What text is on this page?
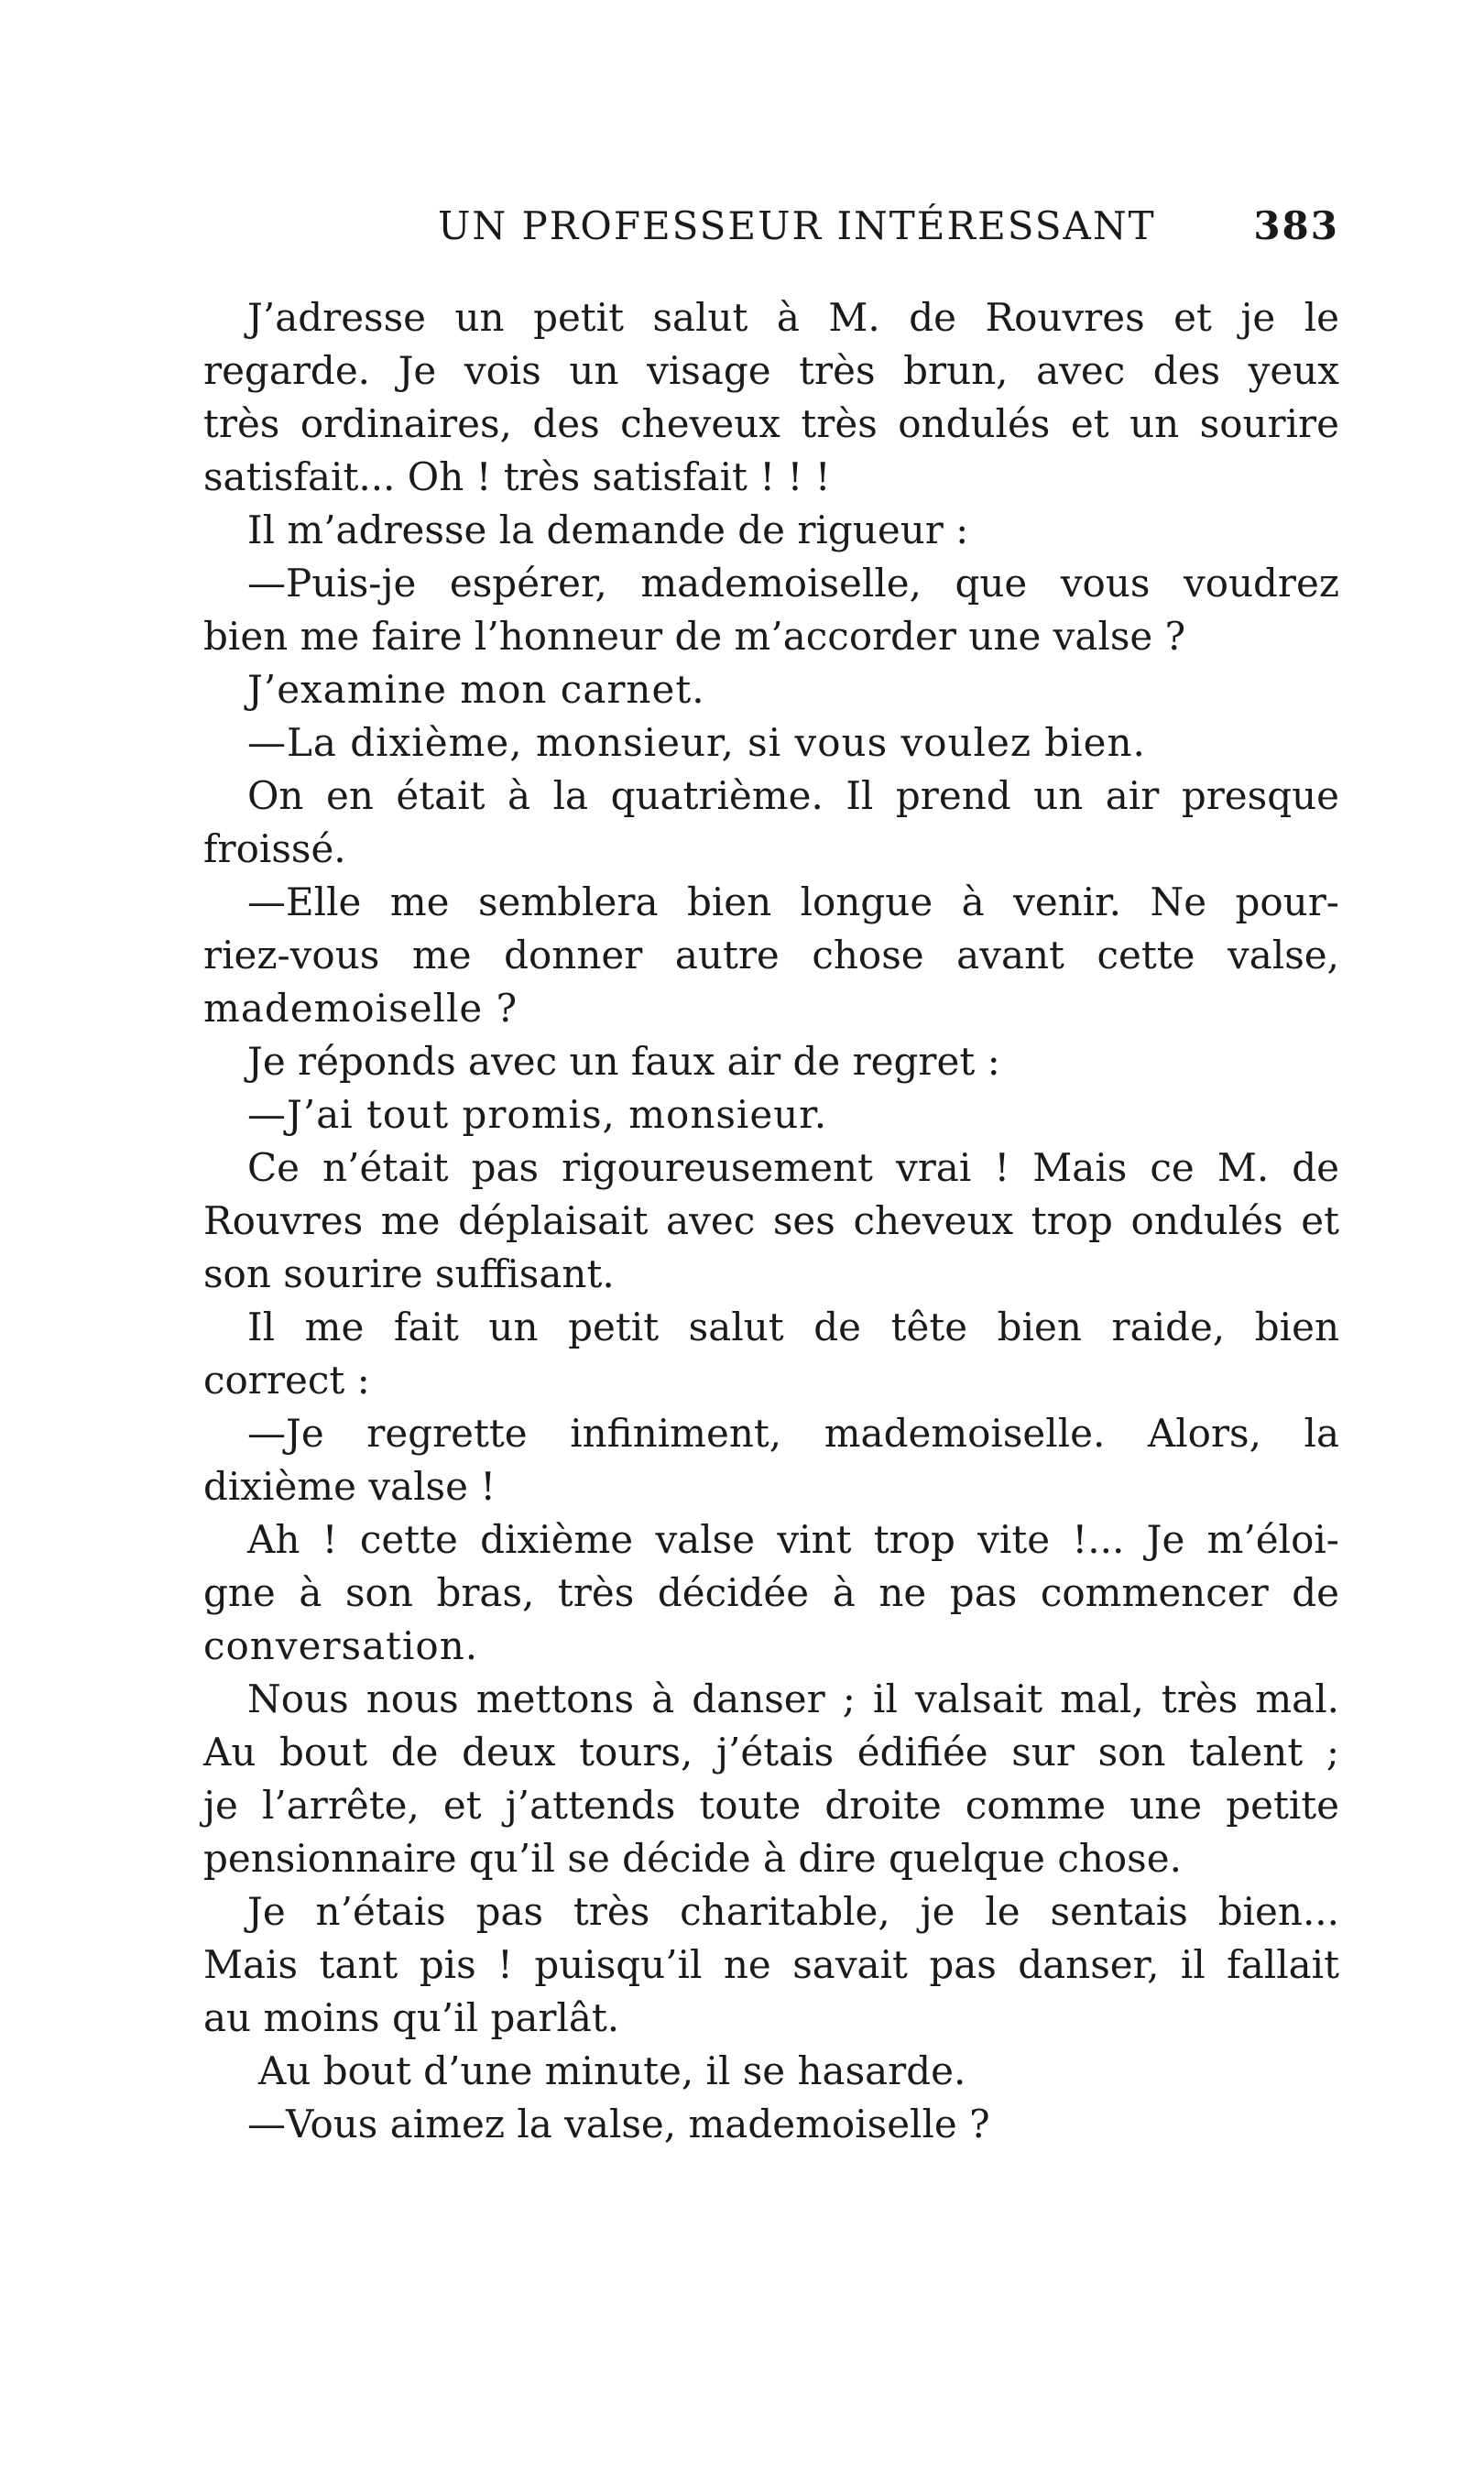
UN PROFESSEUR INTÉRESSANT	383
J’adresse un petit salut à M. de Rouvres et je le
regarde. Je vois un visage très brun, avec des yeux
très ordinaires, des cheveux très ondulés et un sourire
satisfait... Oh ! très satisfait ! ! !
Il m’adresse la demande de rigueur :
—Puis-je espérer, mademoiselle, que vous voudrez
bien me faire l’honneur de m’accorder une valse ?
J’examine mon carnet.
—La dixième, monsieur, si vous voulez bien.
On en était à la quatrième. Il prend un air presque
froissé.
—Elle me semblera bien longue à venir. Ne pour-
riez-vous me donner autre chose avant cette valse,
mademoiselle ?
Je réponds avec un faux air de regret :
—J’ai tout promis, monsieur.
Ce n’était pas rigoureusement vrai ! Mais ce M. de
Rouvres me déplaisait avec ses cheveux trop ondulés et
son sourire suffisant.
Il me fait un petit salut de tête bien raide, bien
correct :
—Je regrette infiniment, mademoiselle. Alors, la
dixième valse !
Ah ! cette dixième valse vint trop vite !... Je m’éloi-
gne à son bras, très décidée à ne pas commencer de
conversation.
Nous nous mettons à danser ; il valsait mal, très mal.
Au bout de deux tours, j’étais édifiée sur son talent ;
je l’arrête, et j’attends toute droite comme une petite
pensionnaire qu’il se décide à dire quelque chose.
Je n’étais pas très charitable, je le sentais bien...
Mais tant pis ! puisqu’il ne savait pas danser, il fallait
au moins qu’il parlât.
Au bout d’une minute, il se hasarde.
—Vous aimez la valse, mademoiselle ?
